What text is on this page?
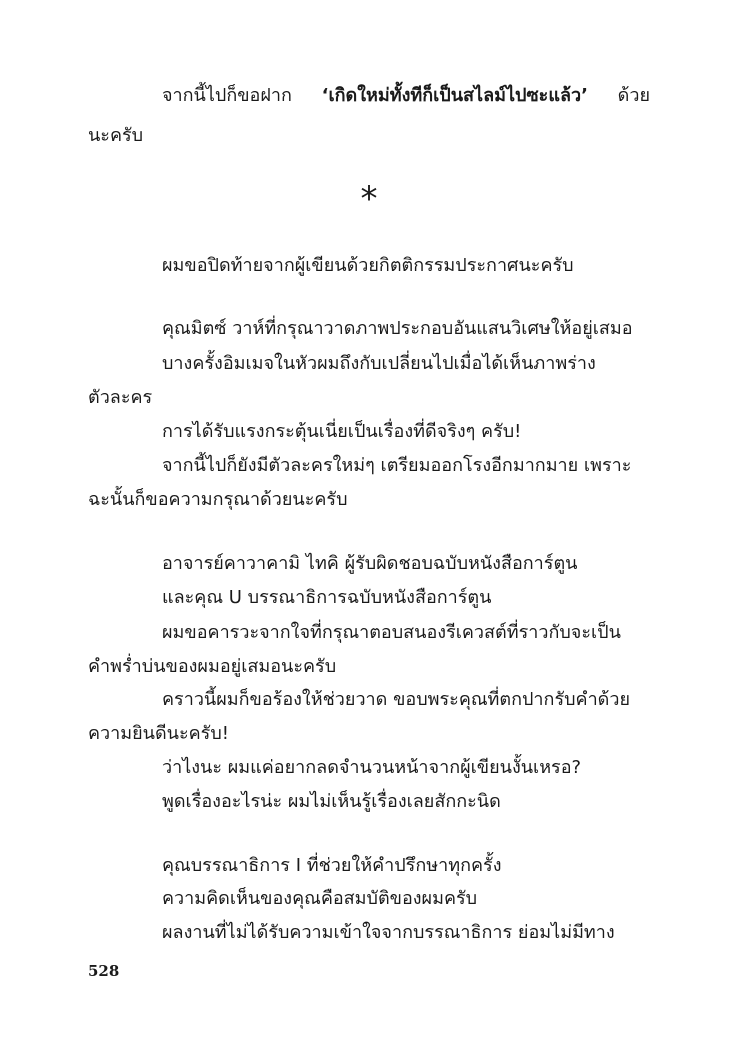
จากนี้ไปก็ขอฝาก ‘เกิดใหม่ทั้งทีก็เป็นสไลม์ไปซะแล้ว’ ด้วย
นะครับ
*
ผมขอปิดท้ายจากผู้เขียนด้วยกิตติกรรมประกาศนะครับ
คุณมิตซ์ วาห์ที่กรุณาวาดภาพประกอบอันแสนวิเศษให้อยู่เสมอ
บางครั้งอิมเมจในหัวผมถึงกับเปลี่ยนไปเมื่อได้เห็นภาพร่าง
ตัวละคร
การได้รับแรงกระตุ้นเนี่ยเป็นเรื่องที่ดีจริงๆ ครับ!
จากนี้ไปก็ยังมีตัวละครใหม่ๆ เตรียมออกโรงอีกมากมาย เพราะ
ฉะนั้นก็ขอความกรุณาด้วยนะครับ
อาจารย์คาวาคามิ ไทคิ ผู้รับผิดชอบฉบับหนังสือการ์ตูน
และคุณ U บรรณาธิการฉบับหนังสือการ์ตูน
ผมขอคารวะจากใจที่กรุณาตอบสนองรีเควสต์ที่ราวกับจะเป็น
คำพร่ำบ่นของผมอยู่เสมอนะครับ
คราวนี้ผมก็ขอร้องให้ช่วยวาด ขอบพระคุณที่ตกปากรับคำด้วย
ความยินดีนะครับ!
ว่าไงนะ ผมแค่อยากลดจำนวนหน้าจากผู้เขียนงั้นเหรอ?
พูดเรื่องอะไรน่ะ ผมไม่เห็นรู้เรื่องเลยสักกะนิด
คุณบรรณาธิการ I ที่ช่วยให้คำปรึกษาทุกครั้ง
ความคิดเห็นของคุณคือสมบัติของผมครับ
ผลงานที่ไม่ได้รับความเข้าใจจากบรรณาธิการ ย่อมไม่มีทาง
528
